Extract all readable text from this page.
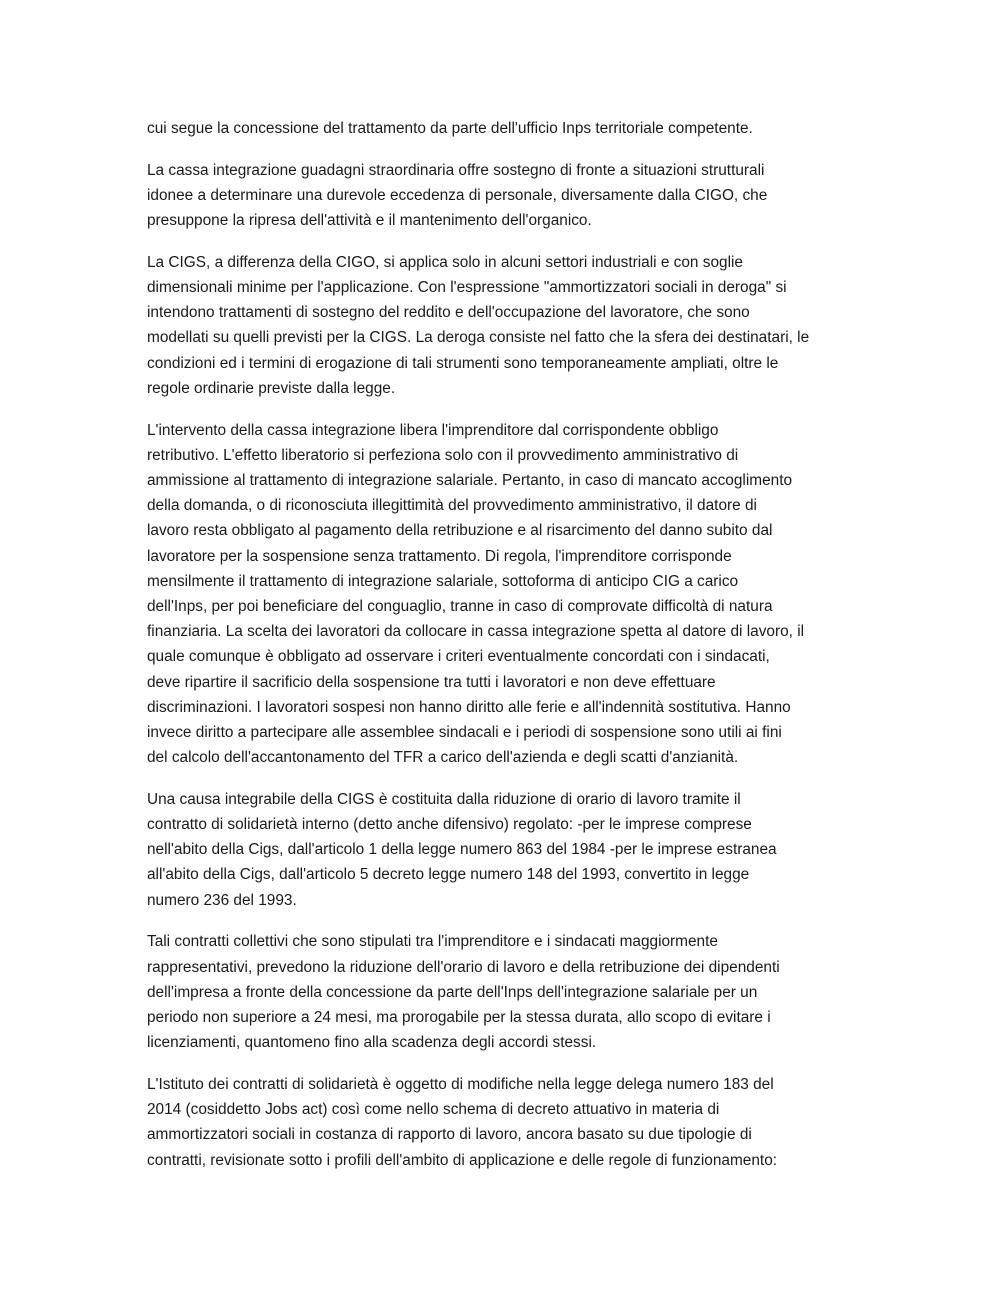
cui segue la concessione del trattamento da parte dell'ufficio Inps territoriale competente.

La cassa integrazione guadagni straordinaria offre sostegno di fronte a situazioni strutturali
idonee a determinare una durevole eccedenza di personale, diversamente dalla CIGO, che
presuppone la ripresa dell'attività e il mantenimento dell'organico.

La CIGS, a differenza della CIGO, si applica solo in alcuni settori industriali e con soglie
dimensionali minime per l'applicazione. Con l'espressione "ammortizzatori sociali in deroga" si
intendono trattamenti di sostegno del reddito e dell'occupazione del lavoratore, che sono
modellati su quelli previsti per la CIGS. La deroga consiste nel fatto che la sfera dei destinatari, le
condizioni ed i termini di erogazione di tali strumenti sono temporaneamente ampliati, oltre le
regole ordinarie previste dalla legge.

L'intervento della cassa integrazione libera l'imprenditore dal corrispondente obbligo
retributivo. L'effetto liberatorio si perfeziona solo con il provvedimento amministrativo di
ammissione al trattamento di integrazione salariale. Pertanto, in caso di mancato accoglimento
della domanda, o di riconosciuta illegittimità del provvedimento amministrativo, il datore di
lavoro resta obbligato al pagamento della retribuzione e al risarcimento del danno subito dal
lavoratore per la sospensione senza trattamento. Di regola, l'imprenditore corrisponde
mensilmente il trattamento di integrazione salariale, sottoforma di anticipo CIG a carico
dell'Inps, per poi beneficiare del conguaglio, tranne in caso di comprovate difficoltà di natura
finanziaria. La scelta dei lavoratori da collocare in cassa integrazione spetta al datore di lavoro, il
quale comunque è obbligato ad osservare i criteri eventualmente concordati con i sindacati,
deve ripartire il sacrificio della sospensione tra tutti i lavoratori e non deve effettuare
discriminazioni. I lavoratori sospesi non hanno diritto alle ferie e all'indennità sostitutiva. Hanno
invece diritto a partecipare alle assemblee sindacali e i periodi di sospensione sono utili ai fini
del calcolo dell'accantonamento del TFR a carico dell'azienda e degli scatti d'anzianità.

Una causa integrabile della CIGS è costituita dalla riduzione di orario di lavoro tramite il
contratto di solidarietà interno (detto anche difensivo) regolato: -per le imprese comprese
nell'abito della Cigs, dall'articolo 1 della legge numero 863 del 1984 -per le imprese estranea
all'abito della Cigs, dall'articolo 5 decreto legge numero 148 del 1993, convertito in legge
numero 236 del 1993.

Tali contratti collettivi che sono stipulati tra l'imprenditore e i sindacati maggiormente
rappresentativi, prevedono la riduzione dell'orario di lavoro e della retribuzione dei dipendenti
dell'impresa a fronte della concessione da parte dell'Inps dell'integrazione salariale per un
periodo non superiore a 24 mesi, ma prorogabile per la stessa durata, allo scopo di evitare i
licenziamenti, quantomeno fino alla scadenza degli accordi stessi.

L'Istituto dei contratti di solidarietà è oggetto di modifiche nella legge delega numero 183 del
2014 (cosiddetto Jobs act) così come nello schema di decreto attuativo in materia di
ammortizzatori sociali in costanza di rapporto di lavoro, ancora basato su due tipologie di
contratti, revisionate sotto i profili dell'ambito di applicazione e delle regole di funzionamento:
